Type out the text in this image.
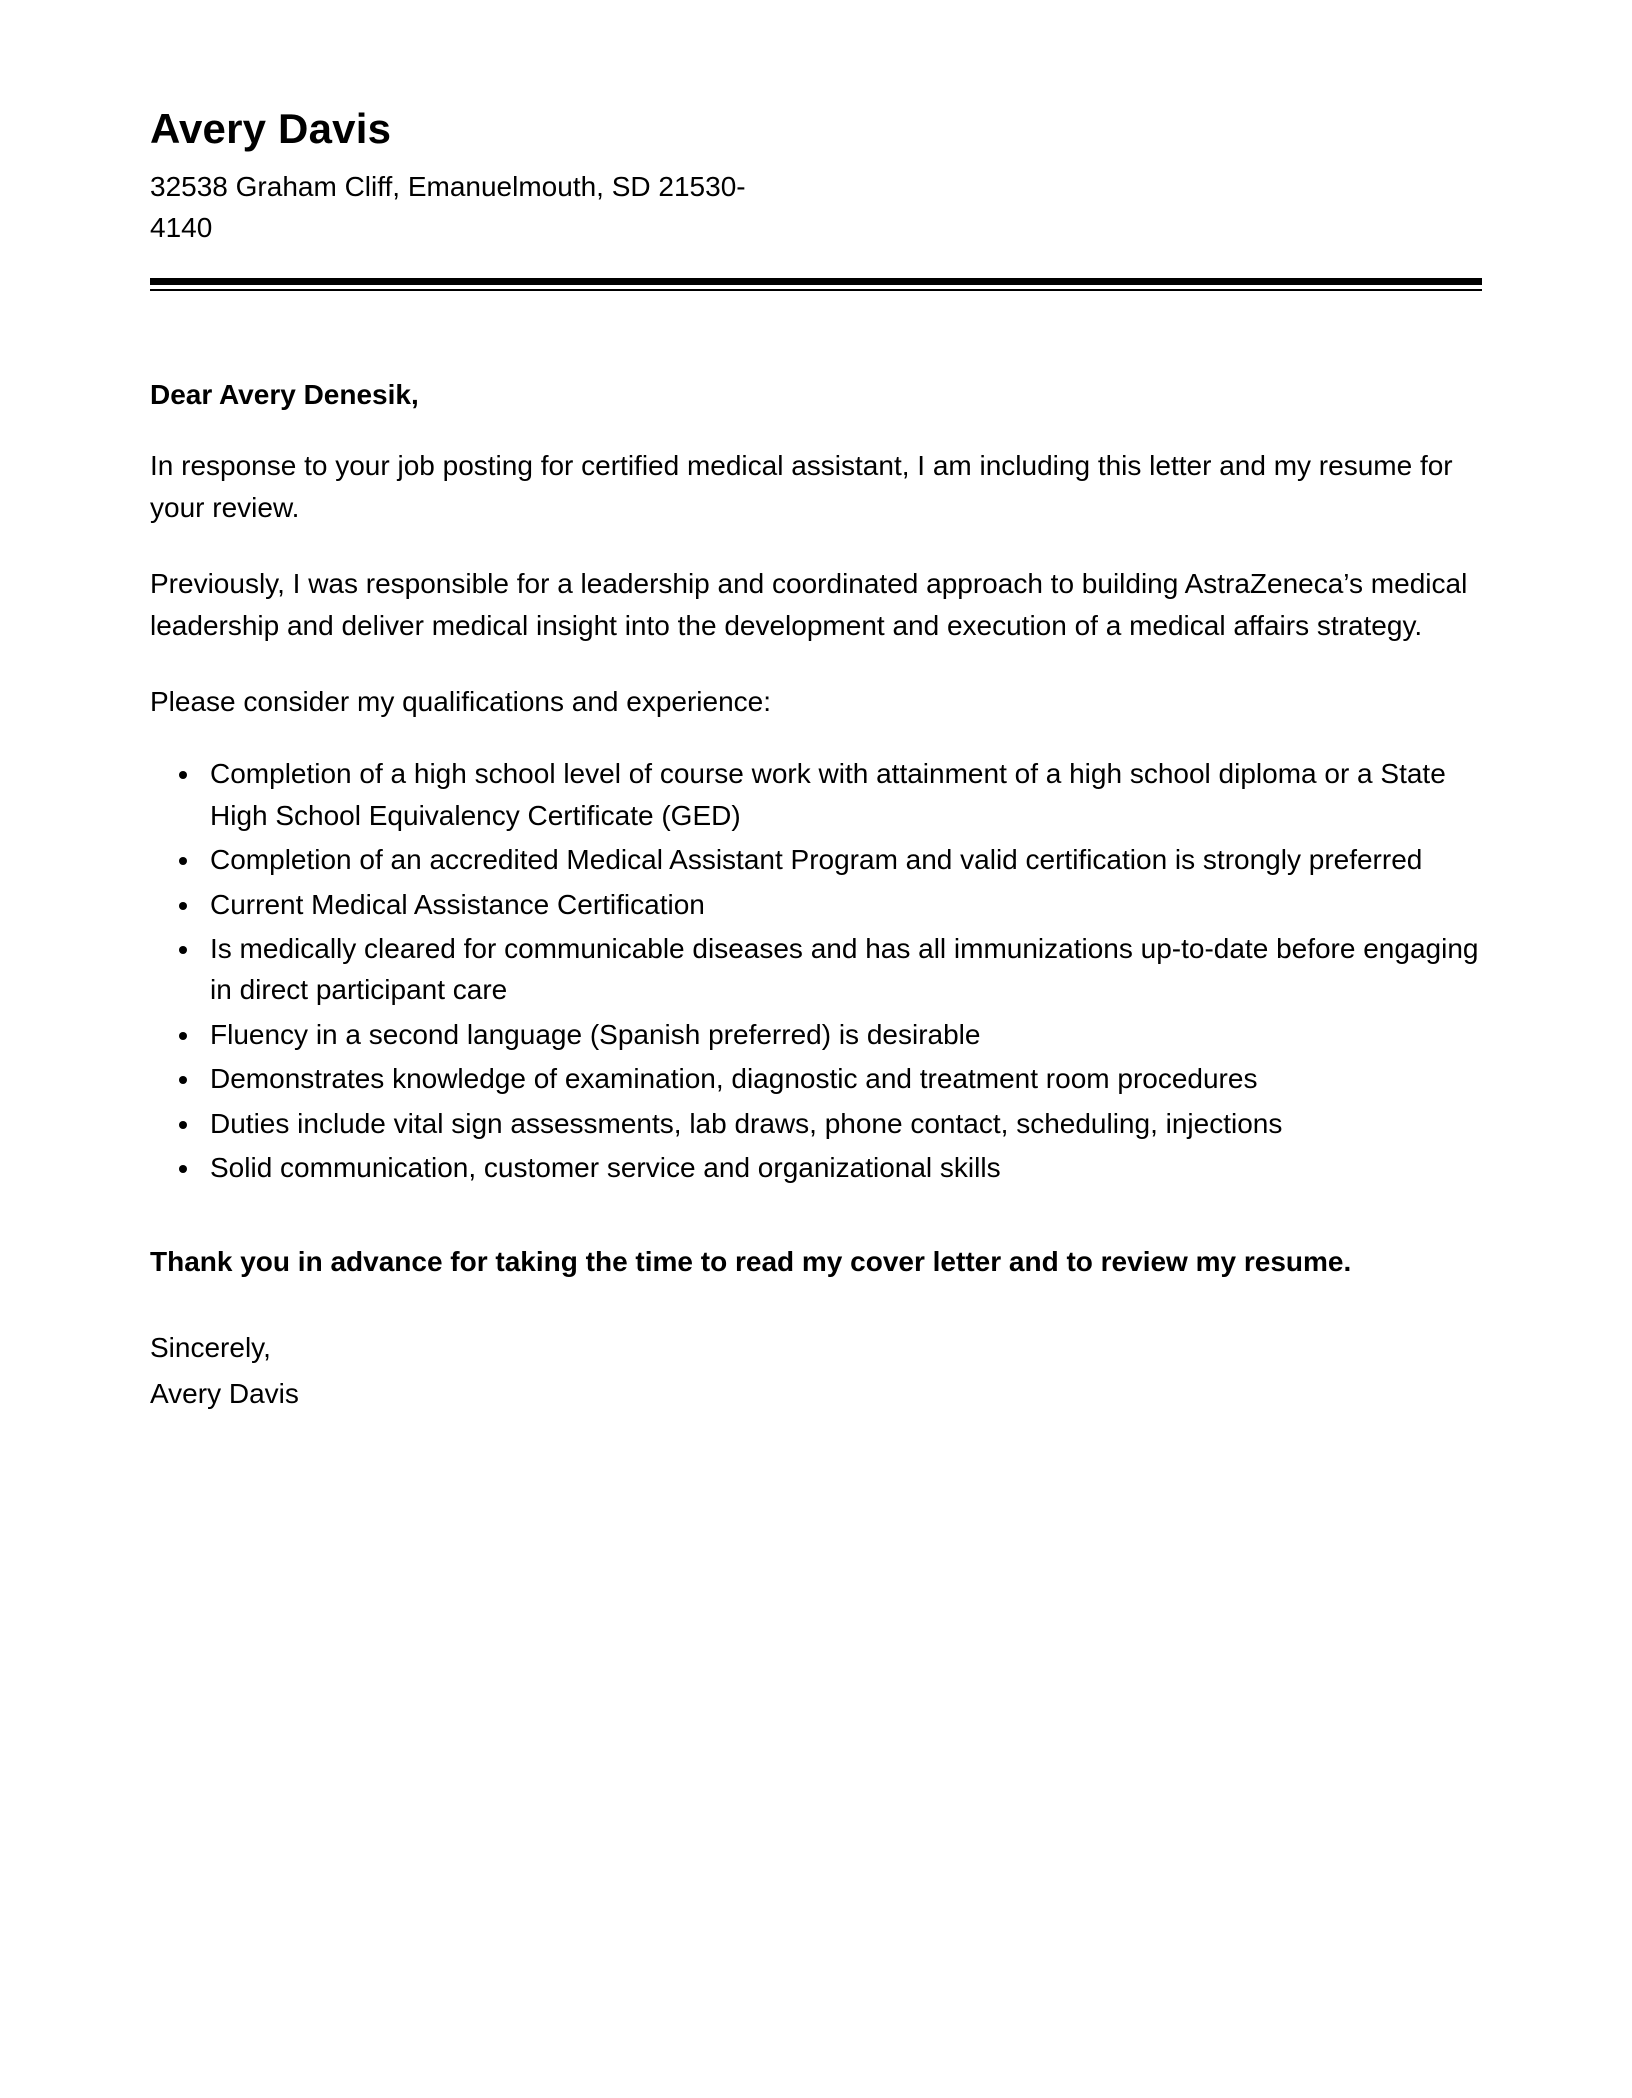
Avery Davis

32538 Graham Cliff, Emanuelmouth, SD 21530-

4140

Dear Avery Denesik,

In response to your job posting for certified medical assistant, I am including this letter and my resume for your review.

Previously, I was responsible for a leadership and coordinated approach to building AstraZeneca’s medical leadership and deliver medical insight into the development and execution of a medical affairs strategy.

Please consider my qualifications and experience:

• Completion of a high school level of course work with attainment of a high school diploma or a State High School Equivalency Certificate (GED)
• Completion of an accredited Medical Assistant Program and valid certification is strongly preferred
• Current Medical Assistance Certification
• Is medically cleared for communicable diseases and has all immunizations up-to-date before engaging in direct participant care
• Fluency in a second language (Spanish preferred) is desirable
• Demonstrates knowledge of examination, diagnostic and treatment room procedures
• Duties include vital sign assessments, lab draws, phone contact, scheduling, injections
• Solid communication, customer service and organizational skills

Thank you in advance for taking the time to read my cover letter and to review my resume.

Sincerely,

Avery Davis
